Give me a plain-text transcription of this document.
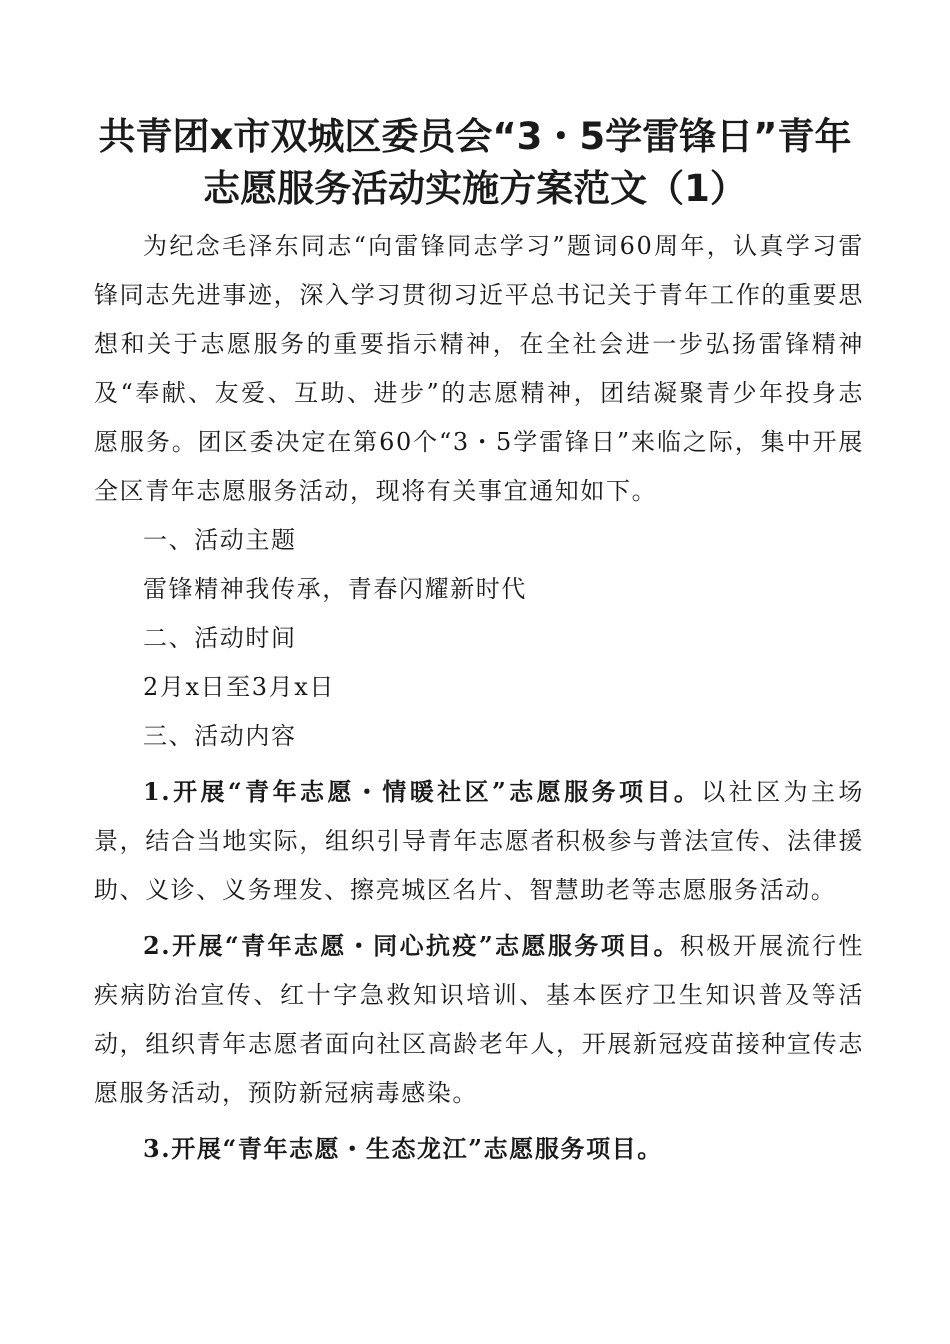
共青团x市双城区委员会“3・5学雷锋日”青年
志愿服务活动实施方案范文（1）

为纪念毛泽东同志“向雷锋同志学习”题词60周年，认真学习雷锋同志先进事迹，深入学习贯彻习近平总书记关于青年工作的重要思想和关于志愿服务的重要指示精神，在全社会进一步弘扬雷锋精神及“奉献、友爱、互助、进步”的志愿精神，团结凝聚青少年投身志愿服务。团区委决定在第60个“3・5学雷锋日”来临之际，集中开展全区青年志愿服务活动，现将有关事宜通知如下。

一、活动主题

雷锋精神我传承，青春闪耀新时代

二、活动时间

2月x日至3月x日

三、活动内容

1.开展“青年志愿・情暖社区”志愿服务项目。以社区为主场景，结合当地实际，组织引导青年志愿者积极参与普法宣传、法律援助、义诊、义务理发、擦亮城区名片、智慧助老等志愿服务活动。

2.开展“青年志愿・同心抗疫”志愿服务项目。积极开展流行性疾病防治宣传、红十字急救知识培训、基本医疗卫生知识普及等活动，组织青年志愿者面向社区高龄老年人，开展新冠疫苗接种宣传志愿服务活动，预防新冠病毒感染。

3.开展“青年志愿・生态龙江”志愿服务项目。
